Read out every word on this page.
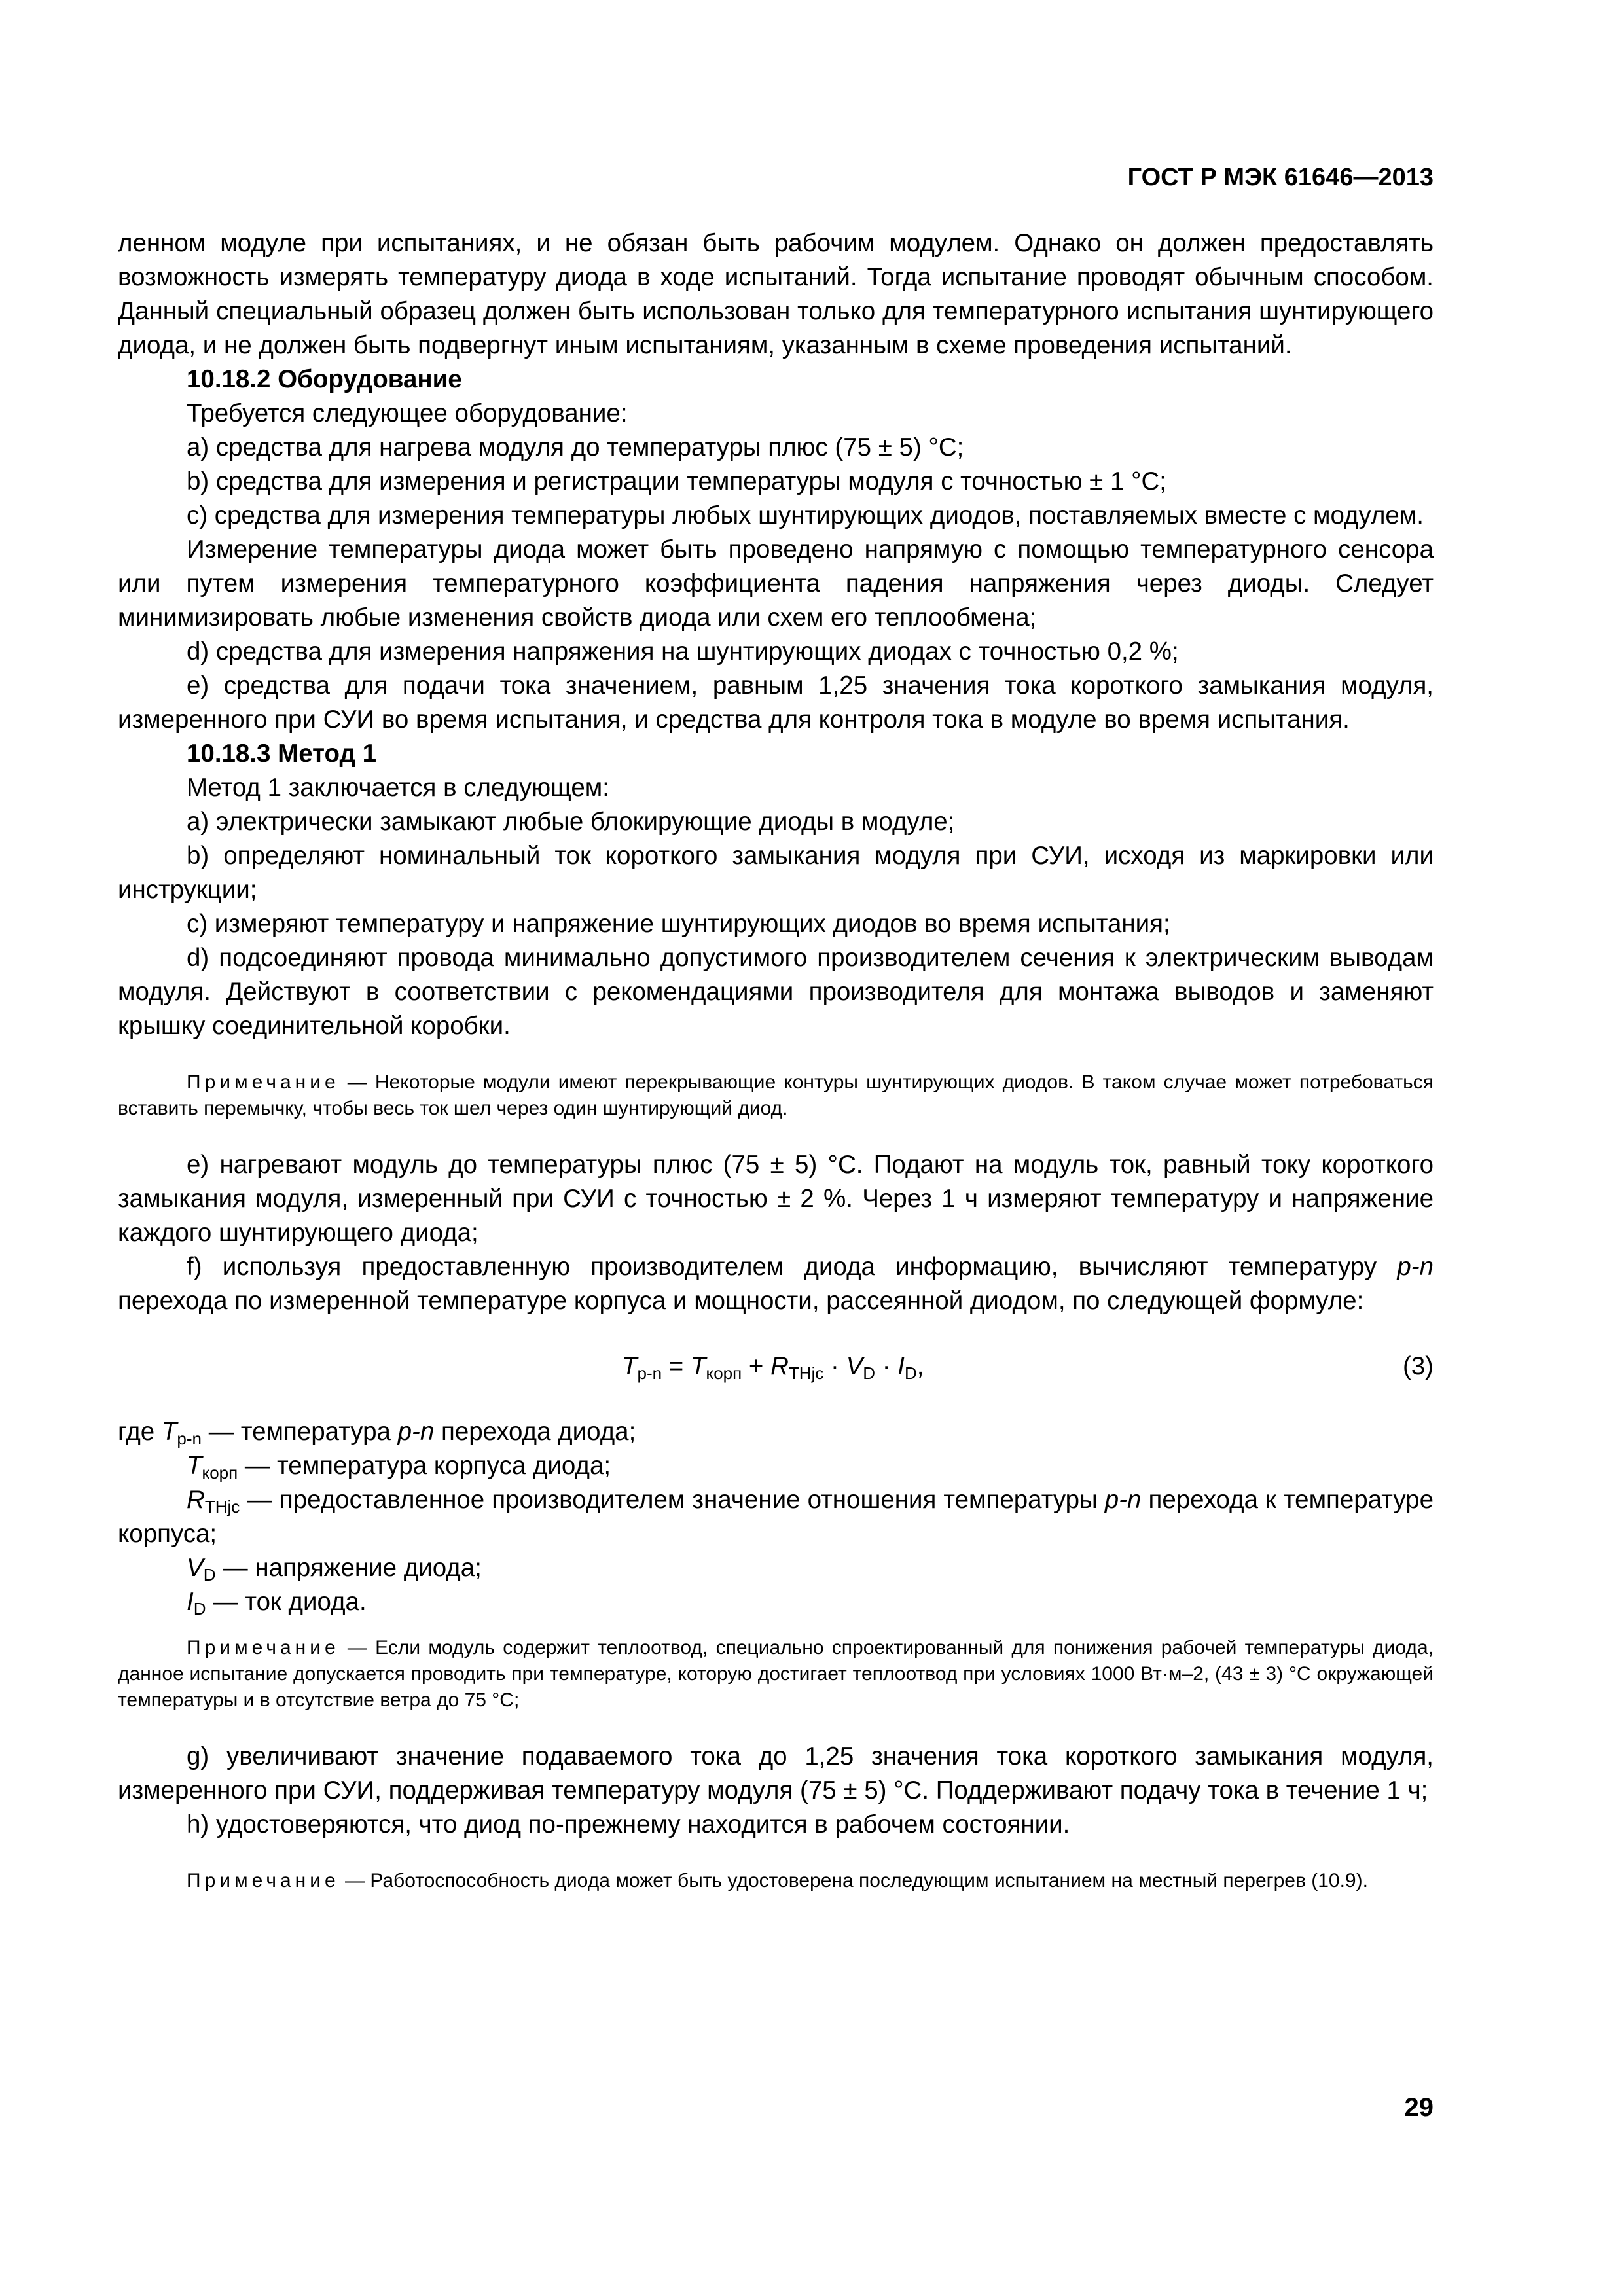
ГОСТ Р МЭК 61646—2013

ленном модуле при испытаниях, и не обязан быть рабочим модулем. Однако он должен предоставлять возможность измерять температуру диода в ходе испытаний. Тогда испытание проводят обычным способом. Данный специальный образец должен быть использован только для температурного испытания шунтирующего диода, и не должен быть подвергнут иным испытаниям, указанным в схеме проведения испытаний.

10.18.2 Оборудование

Требуется следующее оборудование:

a) средства для нагрева модуля до температуры плюс (75 ± 5) °С;

b) средства для измерения и регистрации температуры модуля с точностью ± 1 °С;

c) средства для измерения температуры любых шунтирующих диодов, поставляемых вместе с модулем.

Измерение температуры диода может быть проведено напрямую с помощью температурного сенсора или путем измерения температурного коэффициента падения напряжения через диоды. Следует минимизировать любые изменения свойств диода или схем его теплообмена;

d) средства для измерения напряжения на шунтирующих диодах с точностью 0,2 %;

e) средства для подачи тока значением, равным 1,25 значения тока короткого замыкания модуля, измеренного при СУИ во время испытания, и средства для контроля тока в модуле во время испытания.

10.18.3 Метод 1

Метод 1 заключается в следующем:

a) электрически замыкают любые блокирующие диоды в модуле;

b) определяют номинальный ток короткого замыкания модуля при СУИ, исходя из маркировки или инструкции;

c) измеряют температуру и напряжение шунтирующих диодов во время испытания;

d) подсоединяют провода минимально допустимого производителем сечения к электрическим выводам модуля. Действуют в соответствии с рекомендациями производителя для монтажа выводов и заменяют крышку соединительной коробки.

Примечание — Некоторые модули имеют перекрывающие контуры шунтирующих диодов. В таком случае может потребоваться вставить перемычку, чтобы весь ток шел через один шунтирующий диод.

e) нагревают модуль до температуры плюс (75 ± 5) °С. Подают на модуль ток, равный току короткого замыкания модуля, измеренный при СУИ с точностью ± 2 %. Через 1 ч измеряют температуру и напряжение каждого шунтирующего диода;

f) используя предоставленную производителем диода информацию, вычисляют температуру p-n перехода по измеренной температуре корпуса и мощности, рассеянной диодом, по следующей формуле:

$T_{p-n} = T_{корп} + R_{THjc} \cdot V_D \cdot I_D$,	(3)

где $T_{p-n}$ — температура p-n перехода диода;

$T_{корп}$ — температура корпуса диода;

$R_{THjc}$ — предоставленное производителем значение отношения температуры p-n перехода к температуре корпуса;

$V_D$ — напряжение диода;

$I_D$ — ток диода.

Примечание — Если модуль содержит теплоотвод, специально спроектированный для понижения рабочей температуры диода, данное испытание допускается проводить при температуре, которую достигает теплоотвод при условиях 1000 Вт·м–2, (43 ± 3) °С окружающей температуры и в отсутствие ветра до 75 °С;

g) увеличивают значение подаваемого тока до 1,25 значения тока короткого замыкания модуля, измеренного при СУИ, поддерживая температуру модуля (75 ± 5) °С. Поддерживают подачу тока в течение 1 ч;

h) удостоверяются, что диод по-прежнему находится в рабочем состоянии.

Примечание — Работоспособность диода может быть удостоверена последующим испытанием на местный перегрев (10.9).

29
